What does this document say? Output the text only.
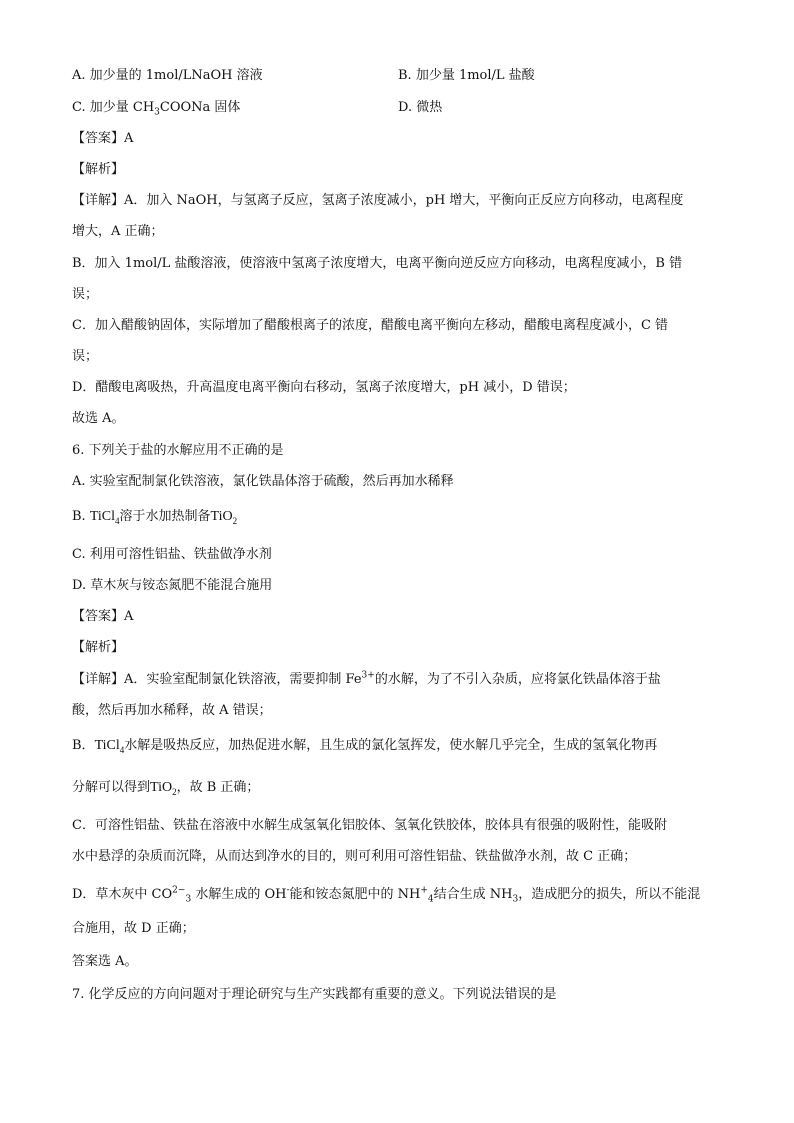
A. 加少量的 1mol/LNaOH 溶液	B. 加少量 1mol/L 盐酸
C. 加少量 $CH_3COONa$ 固体	D. 微热
【答案】A
【解析】
【详解】A．加入 NaOH，与氢离子反应，氢离子浓度减小，pH 增大，平衡向正反应方向移动，电离程度
增大，A 正确；
B．加入 1mol/L 盐酸溶液，使溶液中氢离子浓度增大，电离平衡向逆反应方向移动，电离程度减小，B 错
误；
C．加入醋酸钠固体，实际增加了醋酸根离子的浓度，醋酸电离平衡向左移动，醋酸电离程度减小，C 错
误；
D．醋酸电离吸热，升高温度电离平衡向右移动，氢离子浓度增大，pH 减小，D 错误；
故选 A。
6. 下列关于盐的水解应用不正确的是
A. 实验室配制氯化铁溶液，氯化铁晶体溶于硫酸，然后再加水稀释
B. TiCl$_4$溶于水加热制备TiO$_2$
C. 利用可溶性铝盐、铁盐做净水剂
D. 草木灰与铵态氮肥不能混合施用
【答案】A
【解析】
【详解】A．实验室配制氯化铁溶液，需要抑制 $Fe^{3+}$的水解，为了不引入杂质，应将氯化铁晶体溶于盐
酸，然后再加水稀释，故 A 错误；
B．TiCl$_4$水解是吸热反应，加热促进水解，且生成的氯化氢挥发，使水解几乎完全，生成的氢氧化物再
分解可以得到TiO$_2$，故 B 正确；
C．可溶性铝盐、铁盐在溶液中水解生成氢氧化铝胶体、氢氧化铁胶体，胶体具有很强的吸附性，能吸附
水中悬浮的杂质而沉降，从而达到净水的目的，则可利用可溶性铝盐、铁盐做净水剂，故 C 正确；
D．草木灰中 $CO^{2-}_3$ 水解生成的 OH-能和铵态氮肥中的 $NH^+_4$结合生成 $NH_3$，造成肥分的损失，所以不能混
合施用，故 D 正确；
答案选 A。
7. 化学反应的方向问题对于理论研究与生产实践都有重要的意义。下列说法错误的是
